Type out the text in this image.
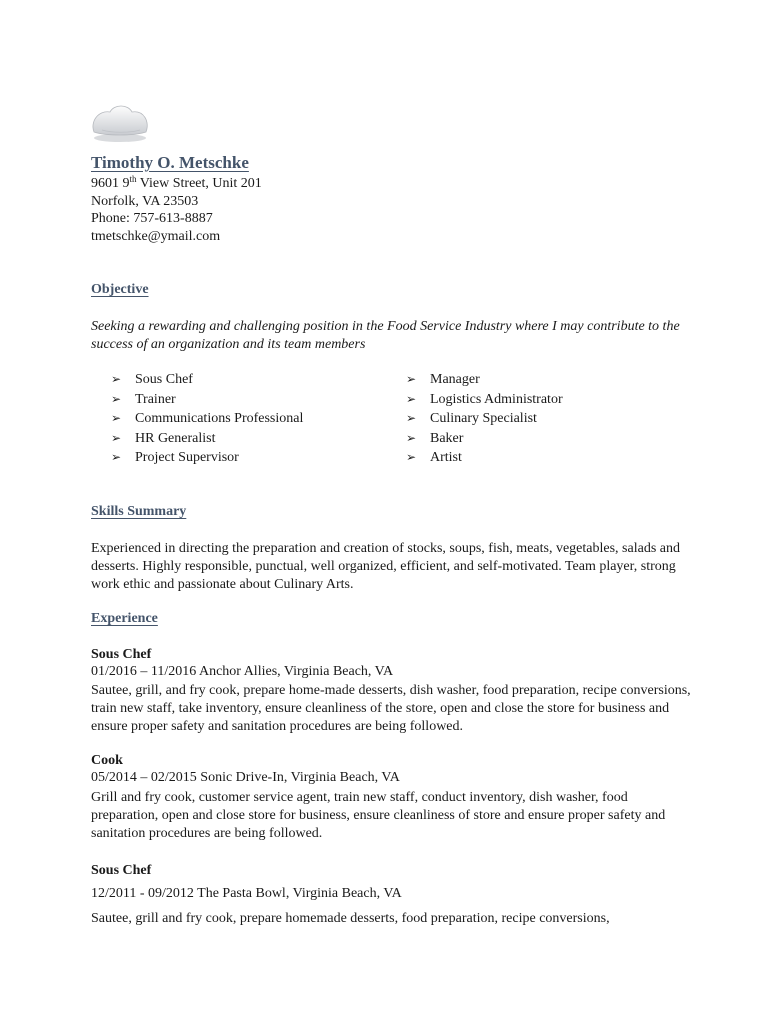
Timothy O. Metschke
9601 9th View Street, Unit 201
Norfolk, VA 23503
Phone: 757-613-8887
tmetschke@ymail.com
Objective
Seeking a rewarding and challenging position in the Food Service Industry where I may contribute to the success of an organization and its team members
➢ Sous Chef
➢ Trainer
➢ Communications Professional
➢ HR Generalist
➢ Project Supervisor
➢ Manager
➢ Logistics Administrator
➢ Culinary Specialist
➢ Baker
➢ Artist
Skills Summary
Experienced in directing the preparation and creation of stocks, soups, fish, meats, vegetables, salads and desserts. Highly responsible, punctual, well organized, efficient, and self-motivated. Team player, strong work ethic and passionate about Culinary Arts.
Experience
Sous Chef
01/2016 – 11/2016 Anchor Allies, Virginia Beach, VA
Sautee, grill, and fry cook, prepare home-made desserts, dish washer, food preparation, recipe conversions, train new staff, take inventory, ensure cleanliness of the store, open and close the store for business and ensure proper safety and sanitation procedures are being followed.
Cook
05/2014 – 02/2015 Sonic Drive-In, Virginia Beach, VA
Grill and fry cook, customer service agent, train new staff, conduct inventory, dish washer, food preparation, open and close store for business, ensure cleanliness of store and ensure proper safety and sanitation procedures are being followed.
Sous Chef
12/2011 - 09/2012 The Pasta Bowl, Virginia Beach, VA
Sautee, grill and fry cook, prepare homemade desserts, food preparation, recipe conversions,
